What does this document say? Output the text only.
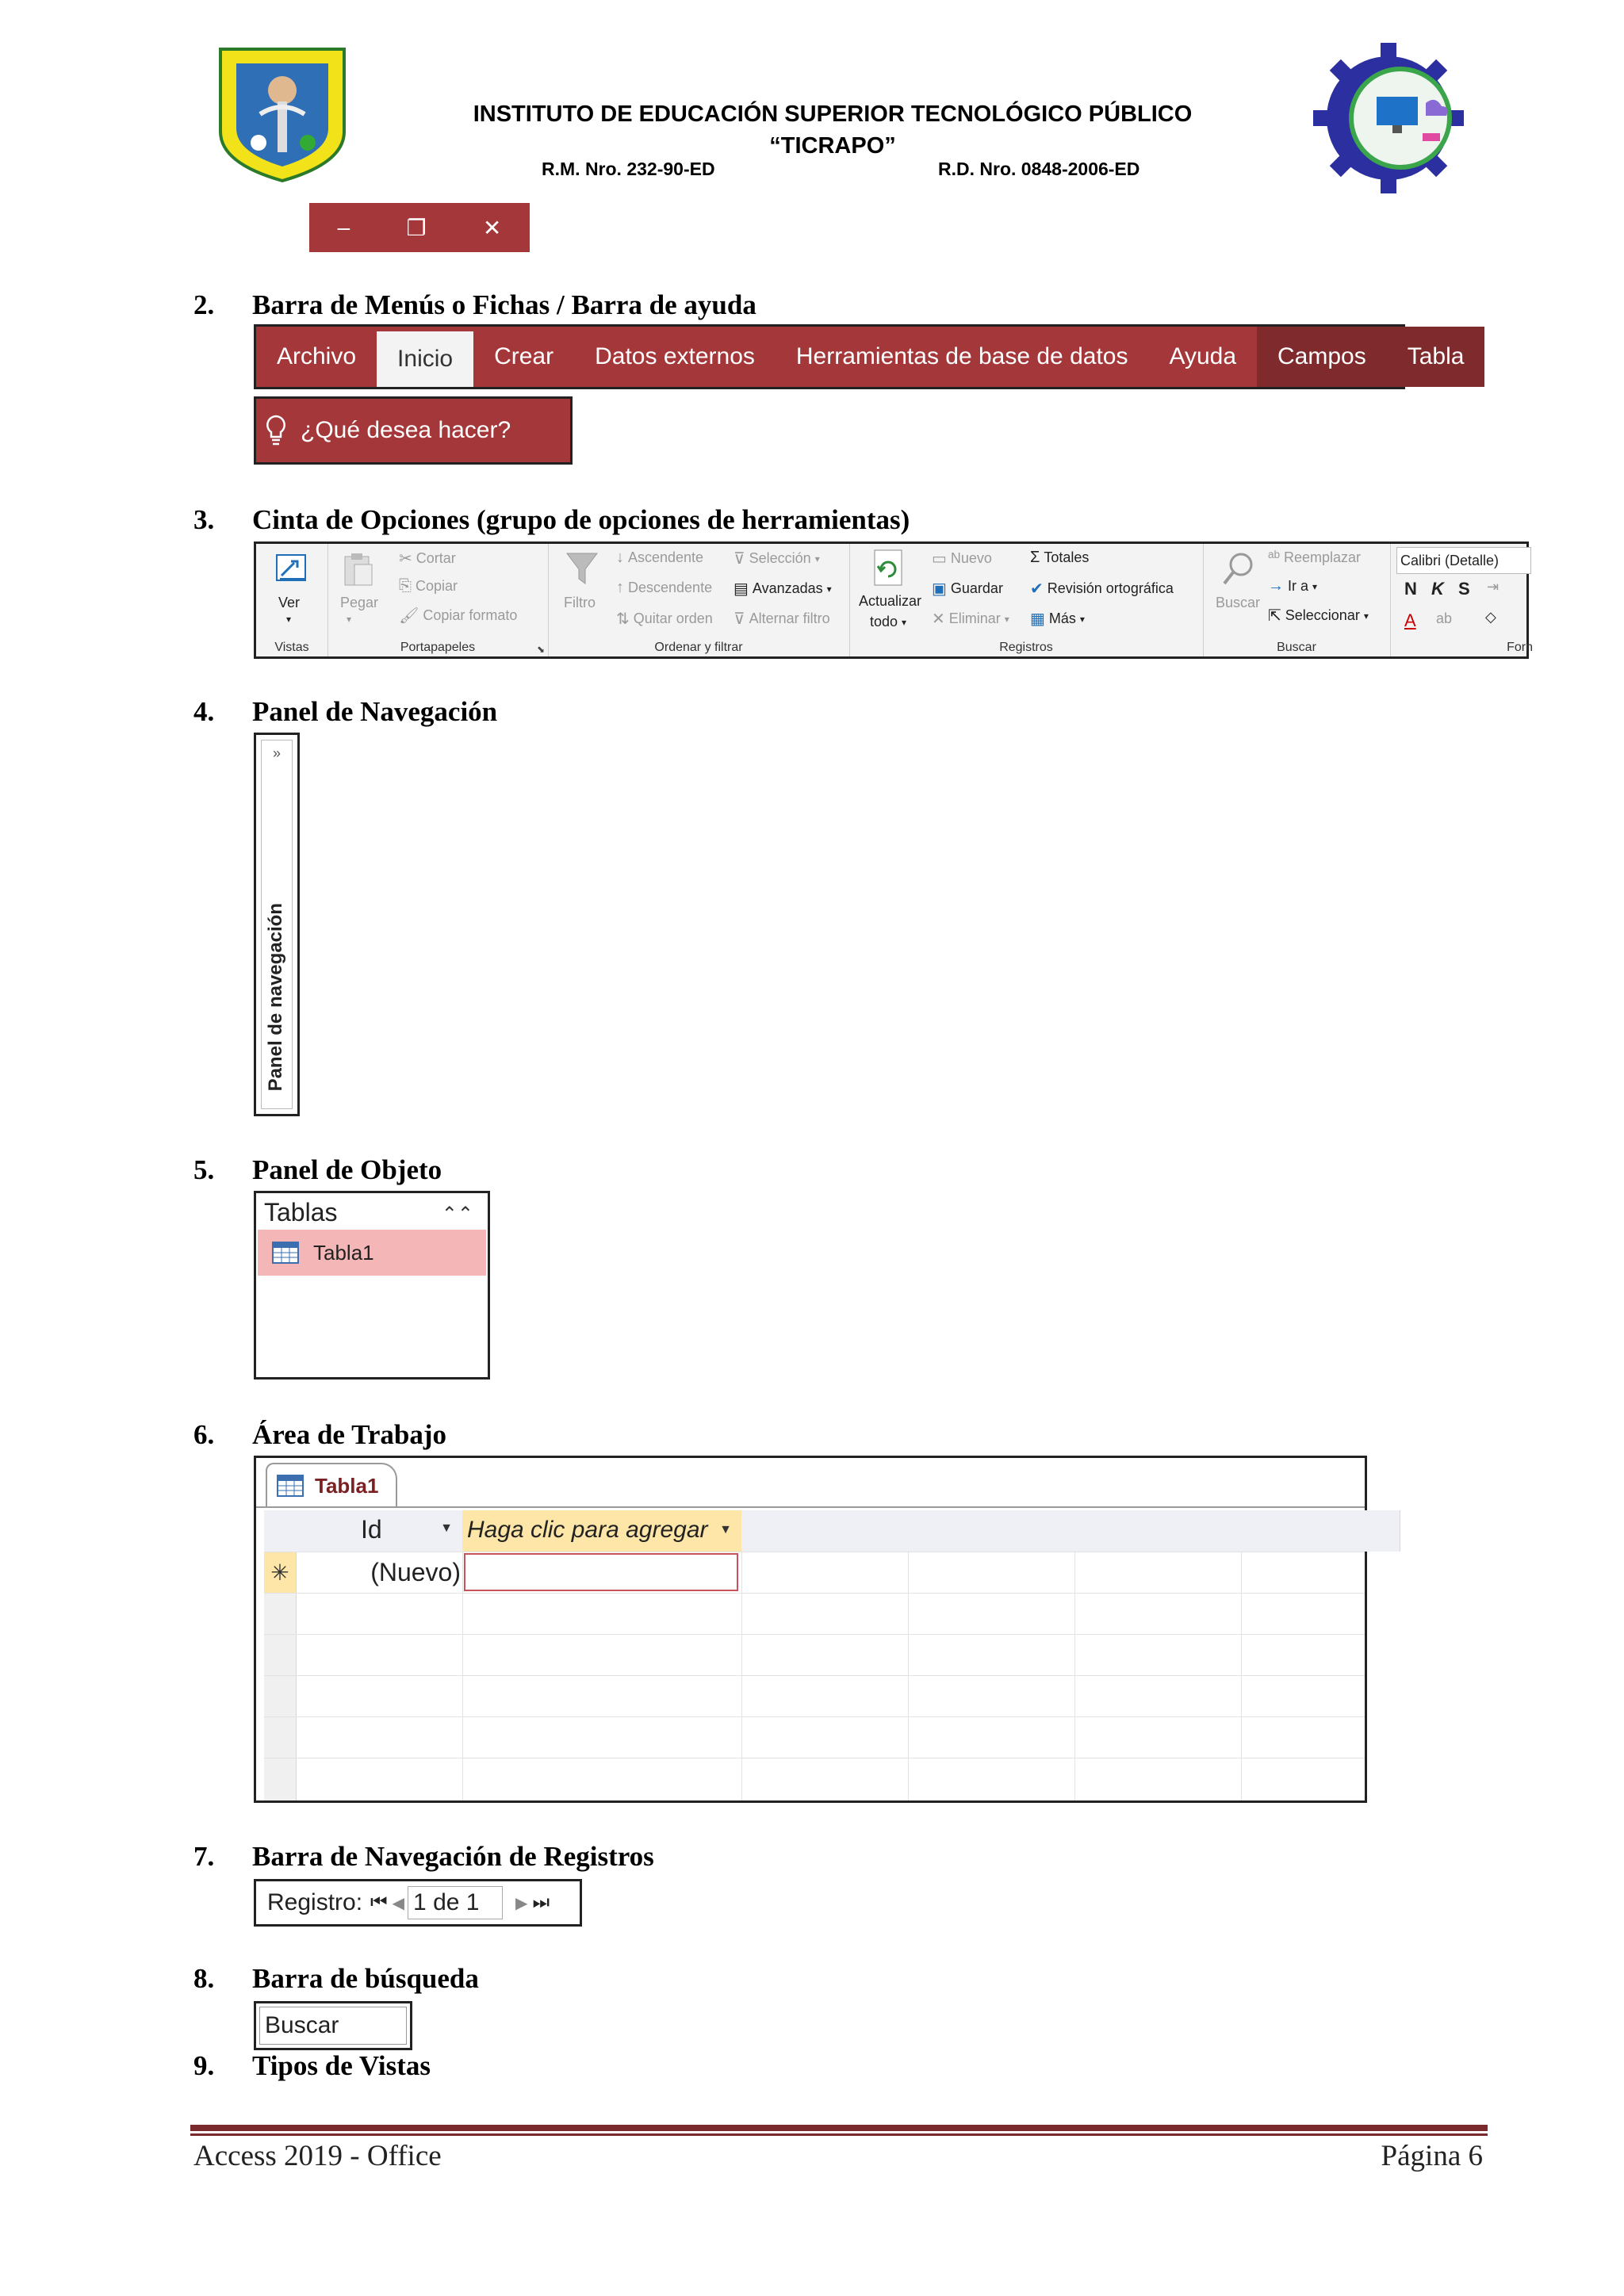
INSTITUTO DE EDUCACIÓN SUPERIOR TECNOLÓGICO PÚBLICO
“TICRAPO”
R.M. Nro. 232-90-ED	R.D. Nro. 0848-2006-ED
–	❐	✕
2. Barra de Menús o Fichas / Barra de ayuda
Archivo	Inicio	Crear	Datos externos	Herramientas de base de datos	Ayuda	Campos	Tabla
¿Qué desea hacer?
3. Cinta de Opciones (grupo de opciones de herramientas)
Ver
▾
Vistas
Pegar
▾
✂ Cortar
⎘ Copiar
🖌 Copiar formato
Portapapeles	⬊
Filtro
↓ Ascendente
↑ Descendente
⇅ Quitar orden
⊽ Selección ▾
▤ Avanzadas ▾
⊽ Alternar filtro
Ordenar y filtrar
Actualizar
todo ▾
▭ Nuevo
▣ Guardar
✕ Eliminar ▾
Σ Totales
✔ Revisión ortográfica
▦ Más ▾
Registros
Buscar
ᵃᵇ Reemplazar
→ Ir a ▾
⇱ Seleccionar ▾
Buscar
Calibri (Detalle)
N K S ⇥
A ab ◇
Forn
4. Panel de Navegación
»
Panel de navegación
5. Panel de Objeto
Tablas	⌃⌃
Tabla1
6. Área de Trabajo
Tabla1
Id	▼ Haga clic para agregar ▼
✳	(Nuevo)
7. Barra de Navegación de Registros
Registro: ⏮ ◀ 1 de 1	▶ ⏭
8. Barra de búsqueda
Buscar
9. Tipos de Vistas
Access 2019 - Office	Página 6
